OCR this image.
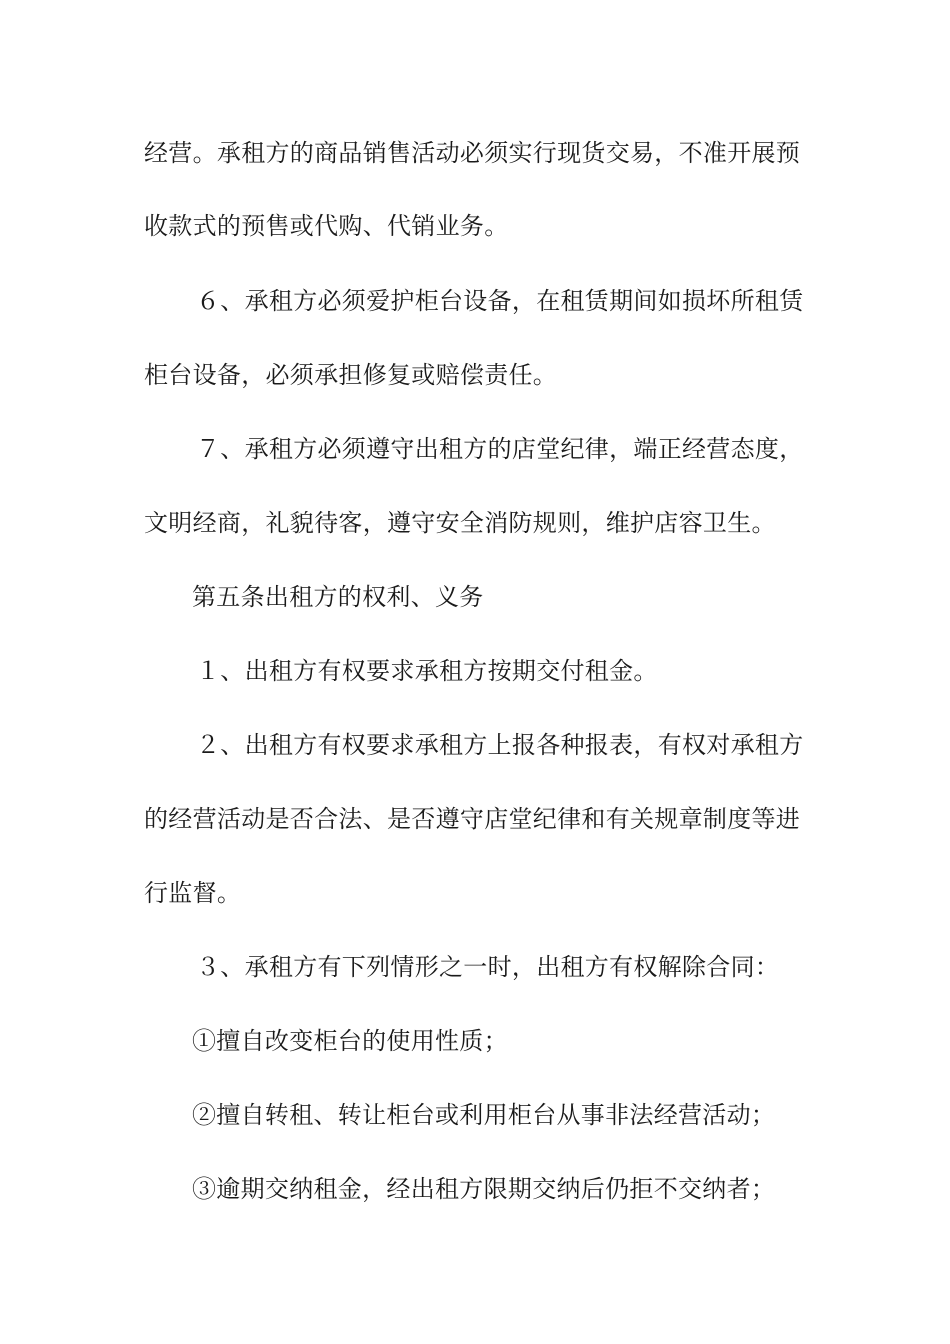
经营。承租方的商品销售活动必须实行现货交易，不准开展预
收款式的预售或代购、代销业务。
６、承租方必须爱护柜台设备，在租赁期间如损坏所租赁
柜台设备，必须承担修复或赔偿责任。
７、承租方必须遵守出租方的店堂纪律，端正经营态度，
文明经商，礼貌待客，遵守安全消防规则，维护店容卫生。
第五条出租方的权利、义务
１、出租方有权要求承租方按期交付租金。
２、出租方有权要求承租方上报各种报表，有权对承租方
的经营活动是否合法、是否遵守店堂纪律和有关规章制度等进
行监督。
３、承租方有下列情形之一时，出租方有权解除合同：
①擅自改变柜台的使用性质；
②擅自转租、转让柜台或利用柜台从事非法经营活动；
③逾期交纳租金，经出租方限期交纳后仍拒不交纳者；
